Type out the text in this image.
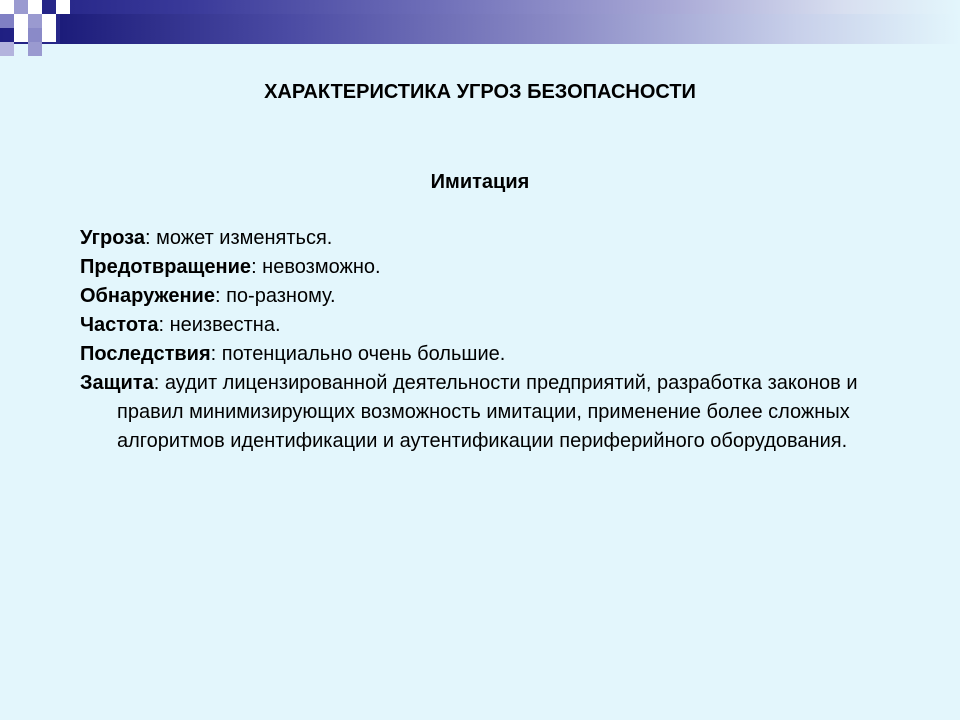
ХАРАКТЕРИСТИКА УГРОЗ БЕЗОПАСНОСТИ
Имитация

Угроза: может изменяться.

Предотвращение: невозможно.

Обнаружение: по-разному.

Частота: неизвестна.

Последствия: потенциально очень большие.

Защита: аудит лицензированной деятельности предприятий, разработка законов и правил минимизирующих возможность имитации, применение более сложных алгоритмов идентификации и аутентификации периферийного оборудования.
